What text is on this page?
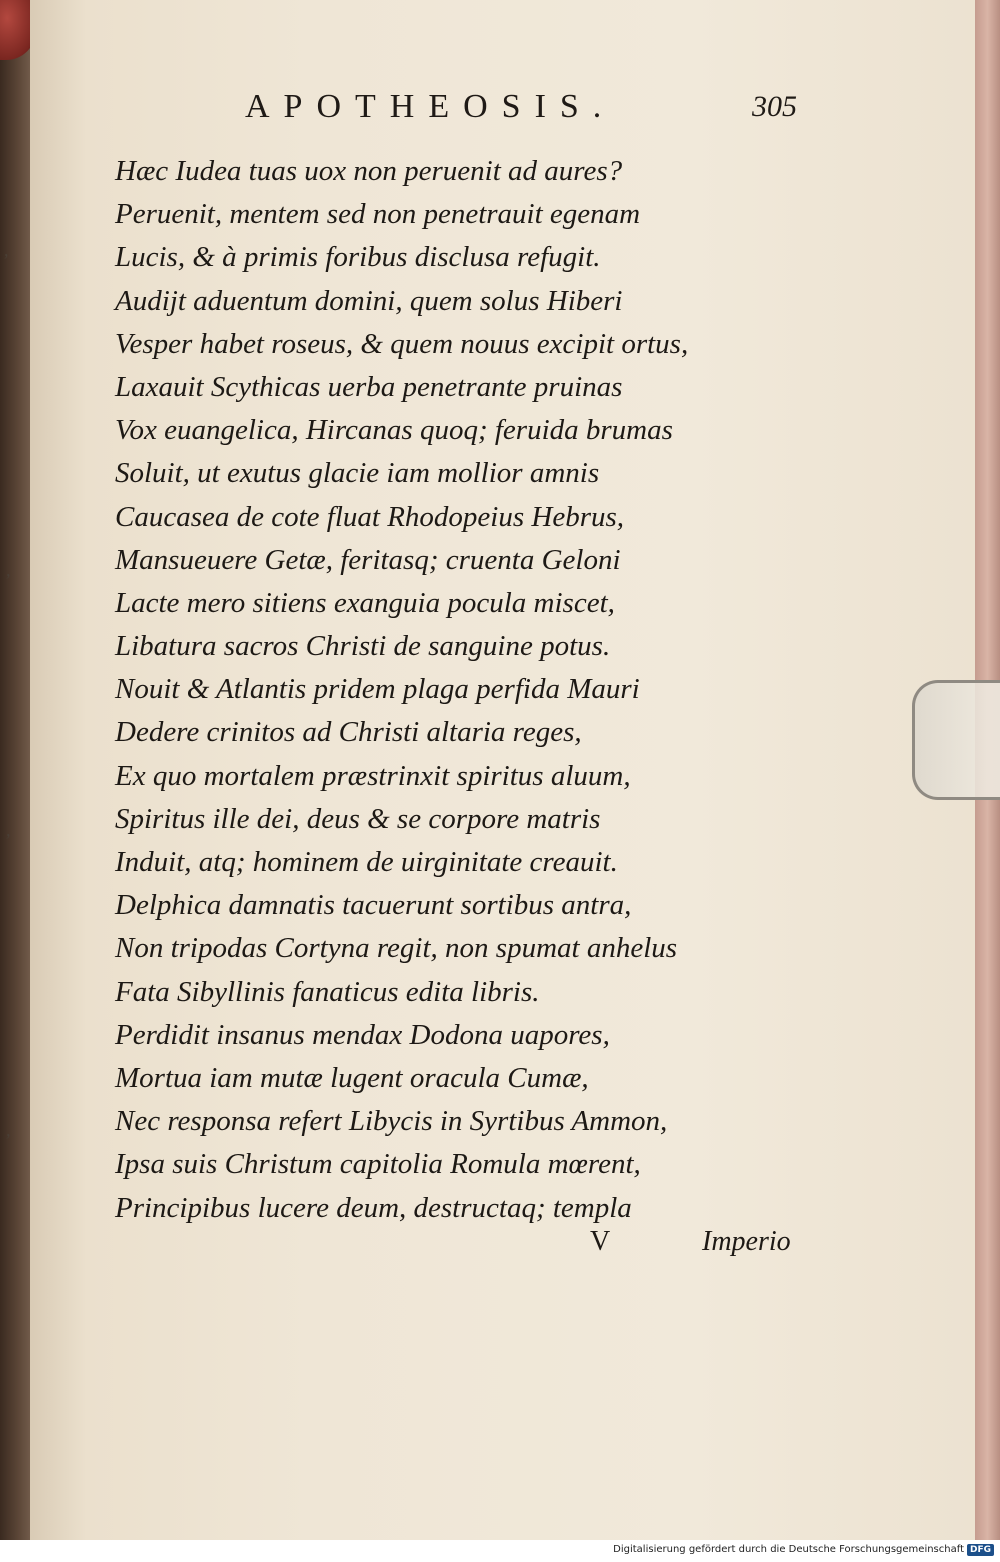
,
,
,
,
APOTHEOSIS.	305
Hæc Iudea tuas uox non peruenit ad aures?
Peruenit, mentem sed non penetrauit egenam
Lucis, & à primis foribus disclusa refugit.
Audijt aduentum domini, quem solus Hiberi
Vesper habet roseus, & quem nouus excipit ortus,
Laxauit Scythicas uerba penetrante pruinas
Vox euangelica, Hircanas quoq; feruida brumas
Soluit, ut exutus glacie iam mollior amnis
Caucasea de cote fluat Rhodopeius Hebrus,
Mansueuere Getæ, feritasq; cruenta Geloni
Lacte mero sitiens exanguia pocula miscet,
Libatura sacros Christi de sanguine potus.
Nouit & Atlantis pridem plaga perfida Mauri
Dedere crinitos ad Christi altaria reges,
Ex quo mortalem præstrinxit spiritus aluum,
Spiritus ille dei, deus & se corpore matris
Induit, atq; hominem de uirginitate creauit.
Delphica damnatis tacuerunt sortibus antra,
Non tripodas Cortyna regit, non spumat anhelus
Fata Sibyllinis fanaticus edita libris.
Perdidit insanus mendax Dodona uapores,
Mortua iam mutæ lugent oracula Cumæ,
Nec responsa refert Libycis in Syrtibus Ammon,
Ipsa suis Christum capitolia Romula mœrent,
Principibus lucere deum, destructaq; templa
V	Imperio
Digitalisierung gefördert durch die Deutsche Forschungsgemeinschaft DFG
